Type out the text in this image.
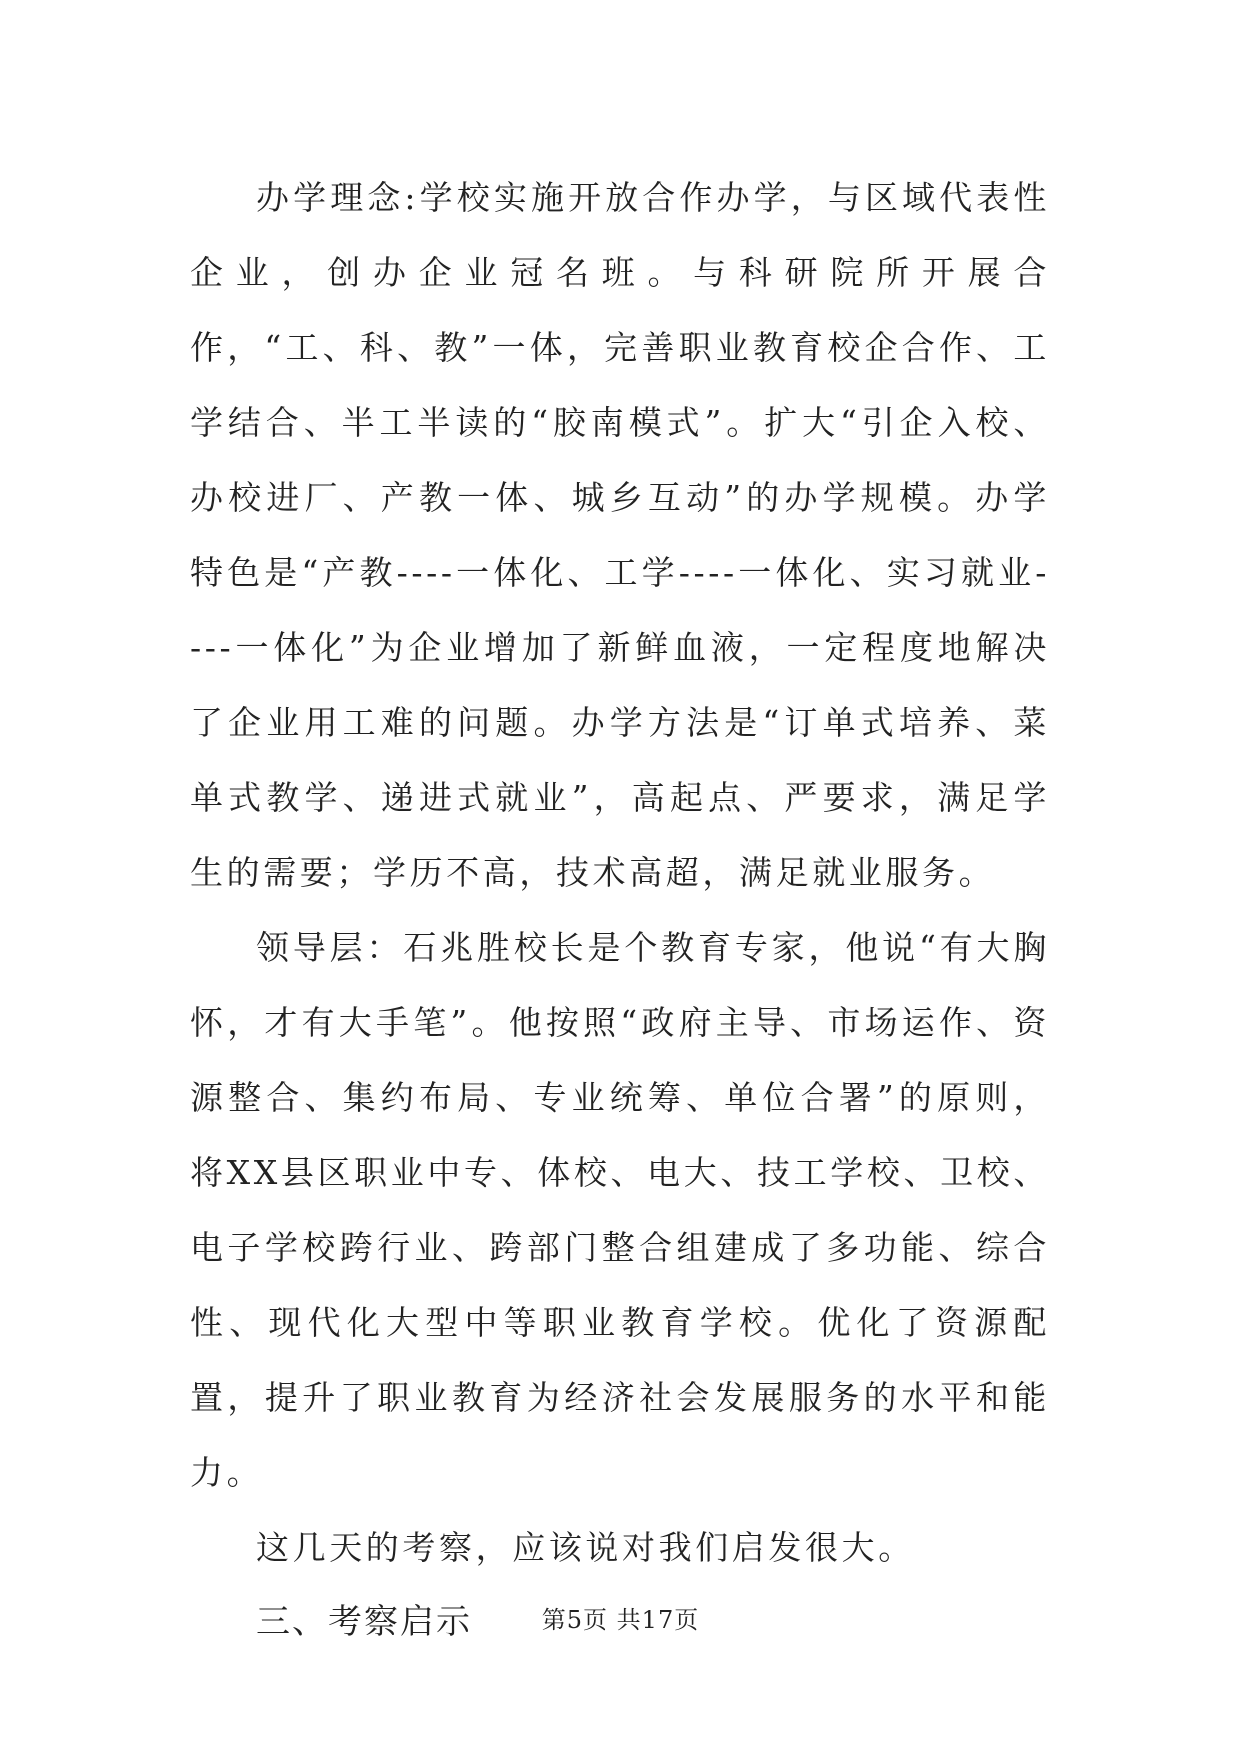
办学理念:学校实施开放合作办学，与区域代表性企业，创办企业冠名班。与科研院所开展合作，“工、科、教”一体，完善职业教育校企合作、工学结合、半工半读的“胶南模式”。扩大“引企入校、办校进厂、产教一体、城乡互动”的办学规模。办学特色是“产教----一体化、工学----一体化、实习就业----一体化”为企业增加了新鲜血液，一定程度地解决了企业用工难的问题。办学方法是“订单式培养、菜单式教学、递进式就业”，高起点、严要求，满足学生的需要；学历不高，技术高超，满足就业服务。

领导层：石兆胜校长是个教育专家，他说“有大胸怀，才有大手笔”。他按照“政府主导、市场运作、资源整合、集约布局、专业统筹、单位合署”的原则，将XX县区职业中专、体校、电大、技工学校、卫校、电子学校跨行业、跨部门整合组建成了多功能、综合性、现代化大型中等职业教育学校。优化了资源配置，提升了职业教育为经济社会发展服务的水平和能力。

这几天的考察，应该说对我们启发很大。

三、考察启示	第5页 共17页
